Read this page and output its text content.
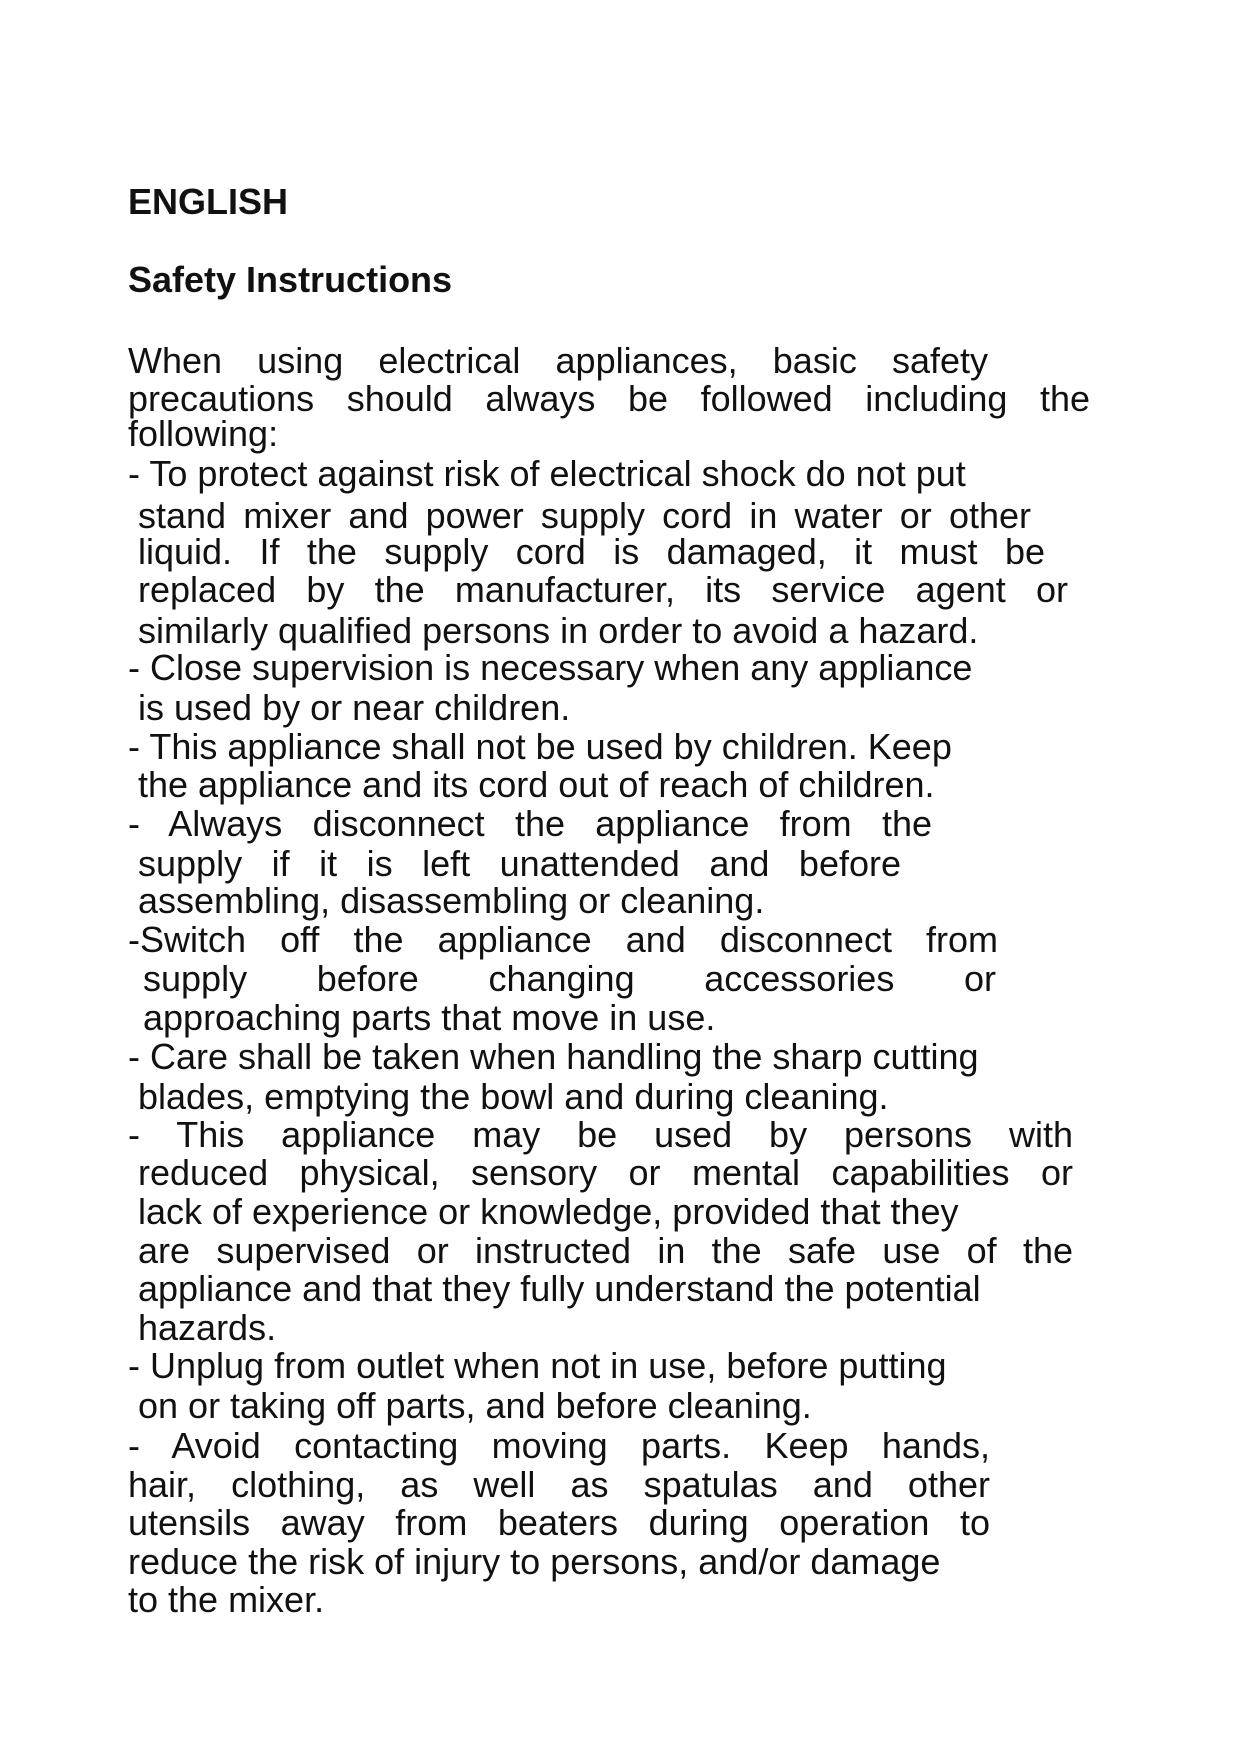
ENGLISH
Safety Instructions

When using electrical appliances, basic safety

precautions should always be followed including the

following:

- To protect against risk of electrical shock do not put

stand mixer and power supply cord in water or other

liquid. If the supply cord is damaged, it must be

replaced by the manufacturer, its service agent or

similarly qualified persons in order to avoid a hazard.

- Close supervision is necessary when any appliance

is used by or near children.

- This appliance shall not be used by children. Keep

the appliance and its cord out of reach of children.

- Always disconnect the appliance from the

supply if it is left unattended and before

assembling, disassembling or cleaning.

-Switch off the appliance and disconnect from

supply before changing accessories or

approaching parts that move in use.

- Care shall be taken when handling the sharp cutting

blades, emptying the bowl and during cleaning.

- This appliance may be used by persons with

reduced physical, sensory or mental capabilities or

lack of experience or knowledge, provided that they

are supervised or instructed in the safe use of the

appliance and that they fully understand the potential

hazards.

- Unplug from outlet when not in use, before putting

on or taking off parts, and before cleaning.

- Avoid contacting moving parts. Keep hands,

hair, clothing, as well as spatulas and other

utensils away from beaters during operation to

reduce the risk of injury to persons, and/or damage

to the mixer.
